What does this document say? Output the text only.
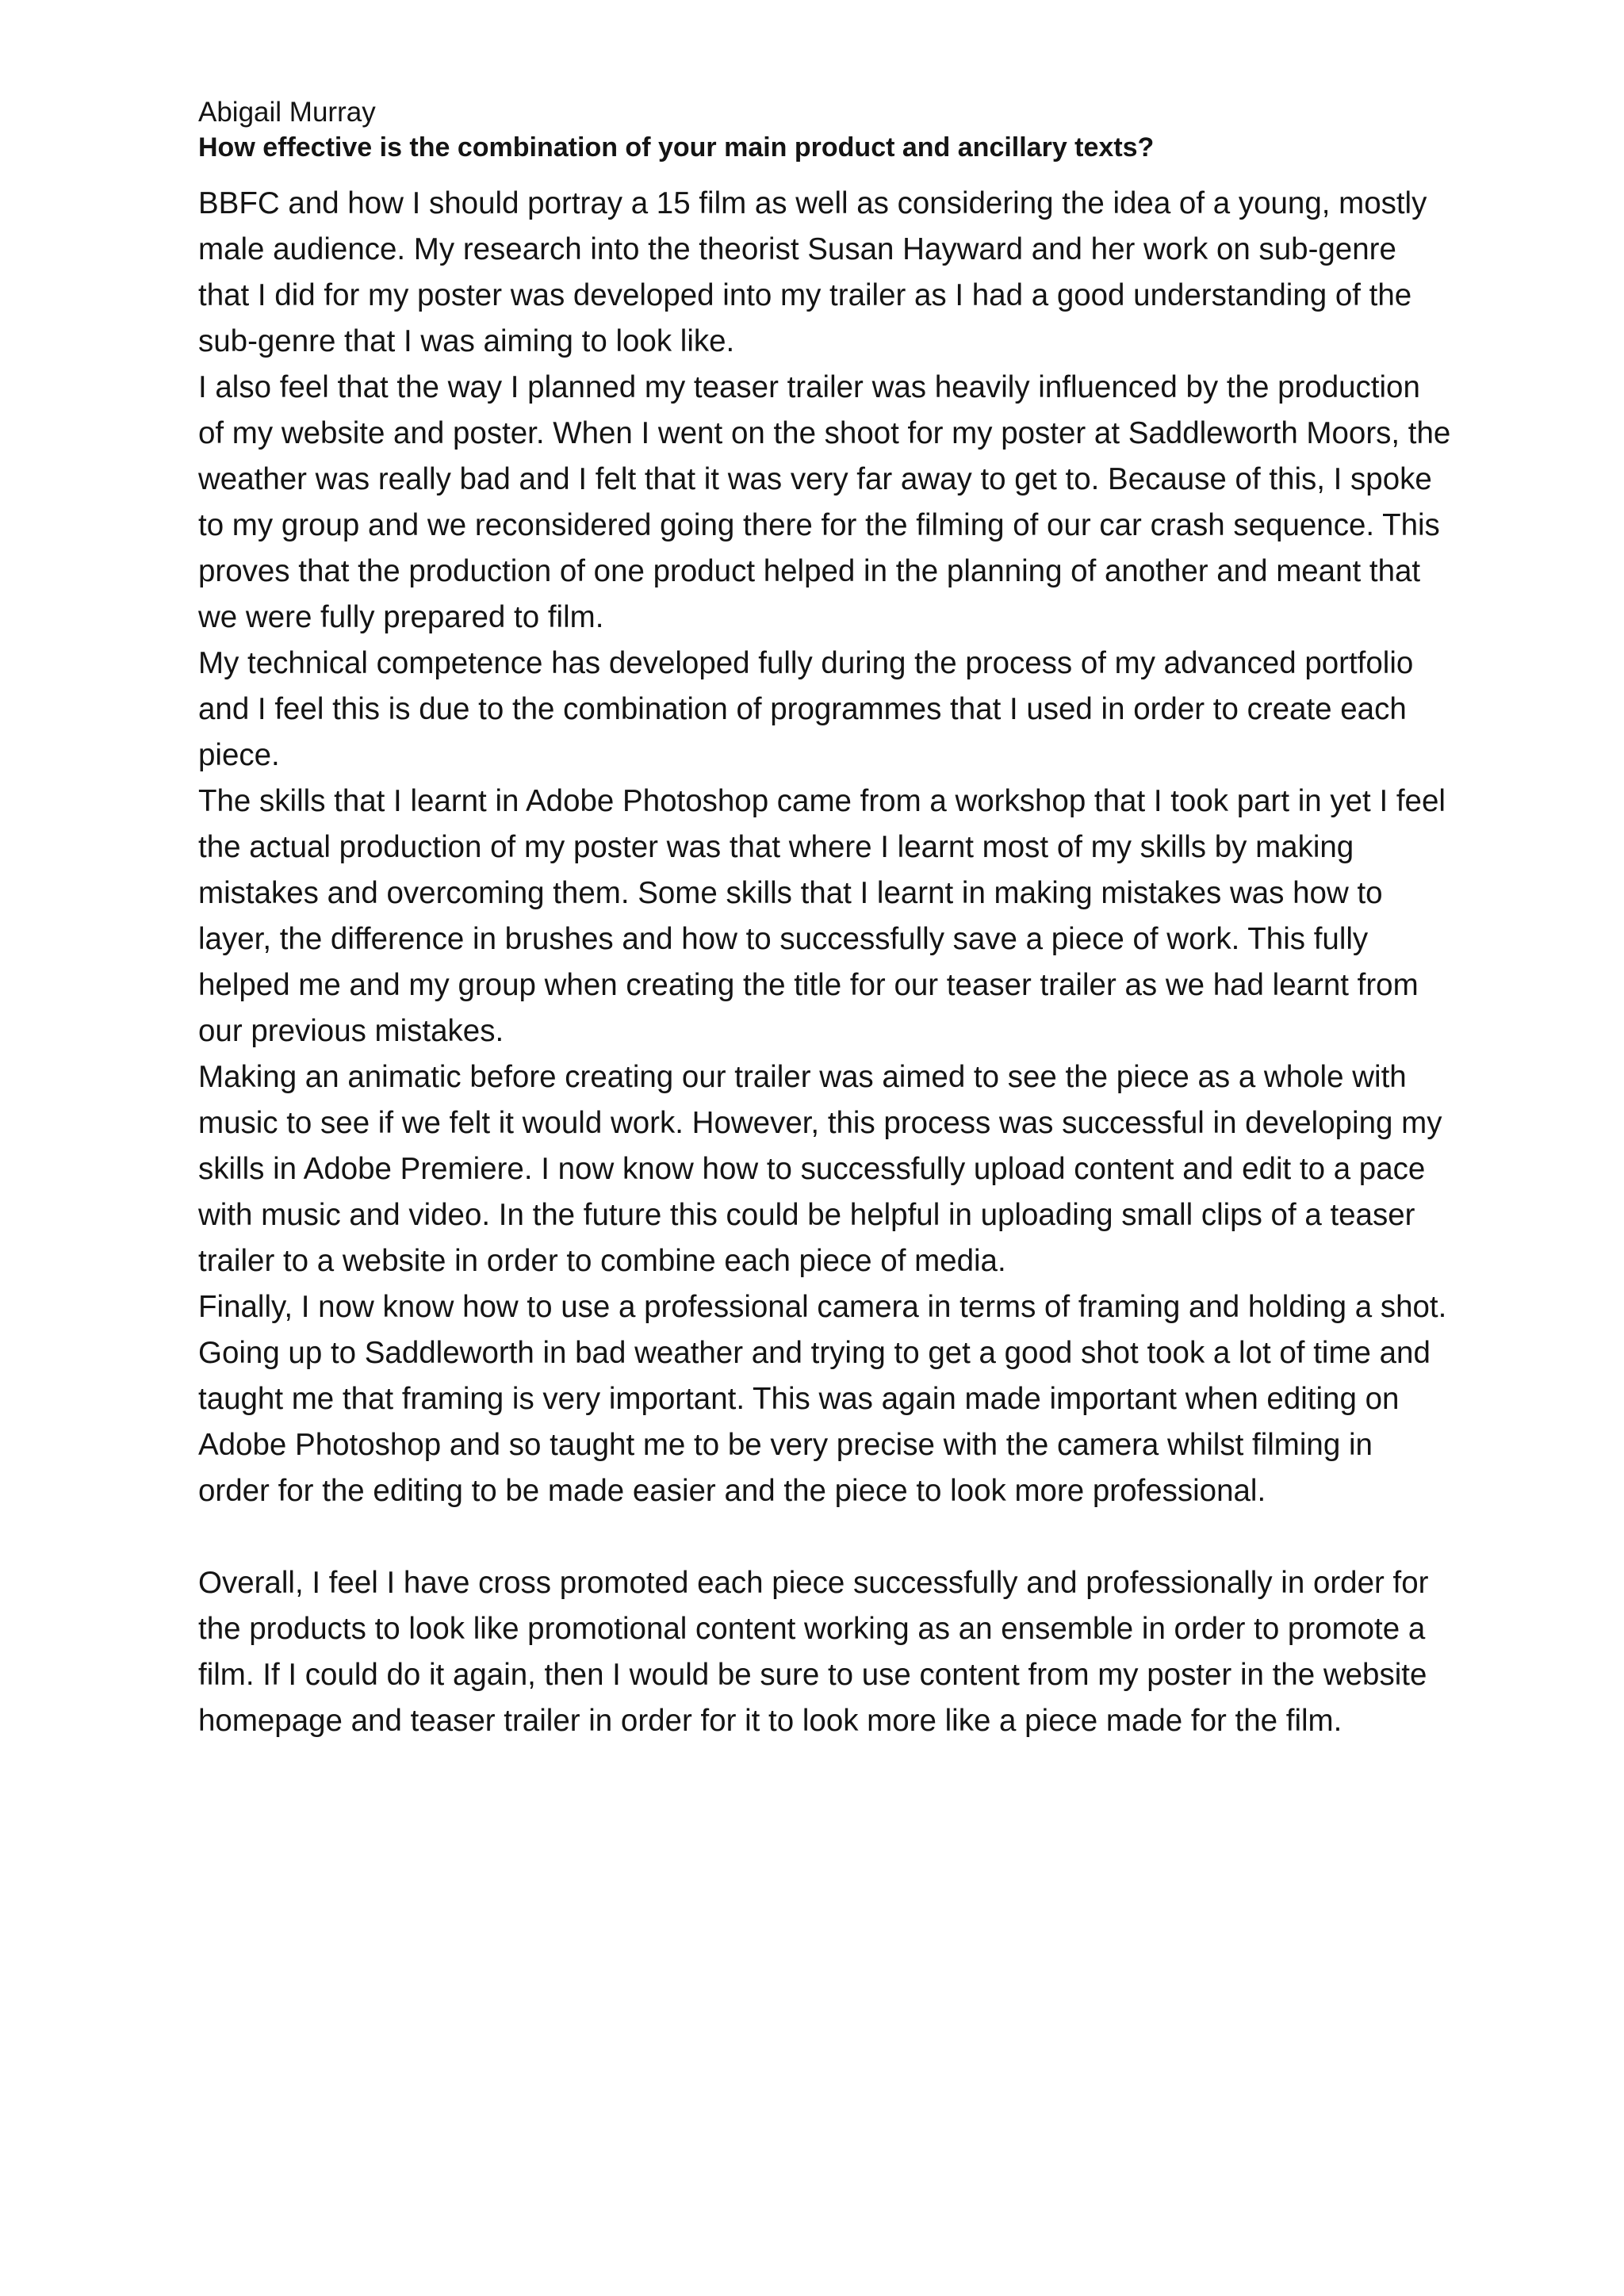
Abigail Murray

How effective is the combination of your main product and ancillary texts?

BBFC and how I should portray a 15 film as well as considering the idea of a young, mostly male audience. My research into the theorist Susan Hayward and her work on sub-genre that I did for my poster was developed into my trailer as I had a good understanding of the sub-genre that I was aiming to look like.

I also feel that the way I planned my teaser trailer was heavily influenced by the production of my website and poster. When I went on the shoot for my poster at Saddleworth Moors, the weather was really bad and I felt that it was very far away to get to. Because of this, I spoke to my group and we reconsidered going there for the filming of our car crash sequence. This proves that the production of one product helped in the planning of another and meant that we were fully prepared to film.

My technical competence has developed fully during the process of my advanced portfolio and I feel this is due to the combination of programmes that I used in order to create each piece.

The skills that I learnt in Adobe Photoshop came from a workshop that I took part in yet I feel the actual production of my poster was that where I learnt most of my skills by making mistakes and overcoming them. Some skills that I learnt in making mistakes was how to layer, the difference in brushes and how to successfully save a piece of work. This fully helped me and my group when creating the title for our teaser trailer as we had learnt from our previous mistakes.

Making an animatic before creating our trailer was aimed to see the piece as a whole with music to see if we felt it would work. However, this process was successful in developing my skills in Adobe Premiere. I now know how to successfully upload content and edit to a pace with music and video. In the future this could be helpful in uploading small clips of a teaser trailer to a website in order to combine each piece of media.

Finally, I now know how to use a professional camera in terms of framing and holding a shot. Going up to Saddleworth in bad weather and trying to get a good shot took a lot of time and taught me that framing is very important. This was again made important when editing on Adobe Photoshop and so taught me to be very precise with the camera whilst filming in order for the editing to be made easier and the piece to look more professional.

Overall, I feel I have cross promoted each piece successfully and professionally in order for the products to look like promotional content working as an ensemble in order to promote a film. If I could do it again, then I would be sure to use content from my poster in the website homepage and teaser trailer in order for it to look more like a piece made for the film.
